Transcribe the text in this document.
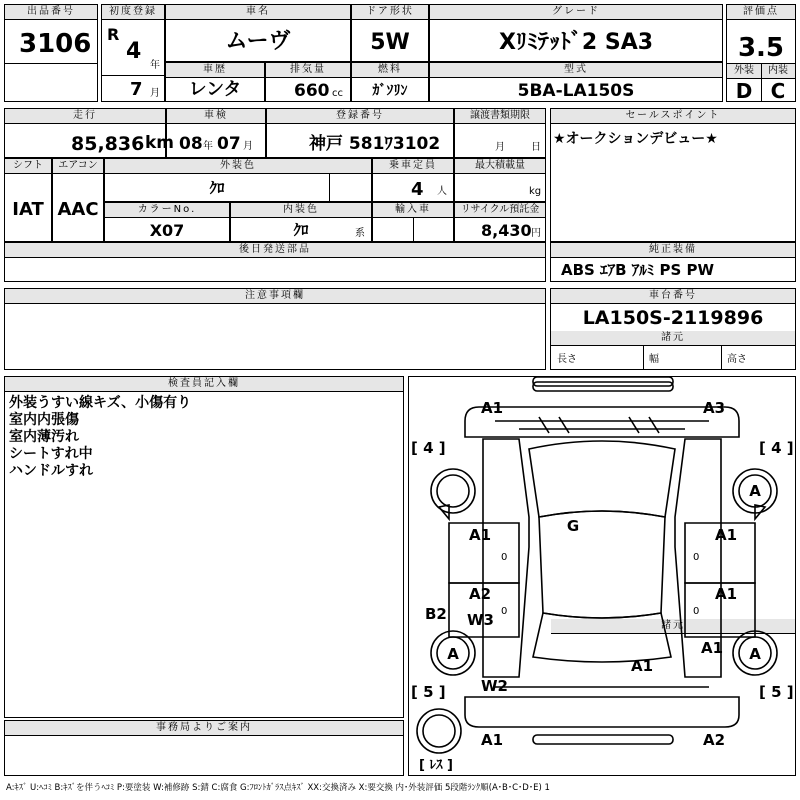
出品番号
3106
初度登録
R
4
年
7 月
車名
ムーヴ
ドア形状
5W
グレード
Xﾘﾐﾃｯﾄﾞ2 SA3
評価点
3.5
外装	内装
D C
車歴
レンタ
排気量
660 cc
燃料
ｶﾞｿﾘﾝ
型式
5BA-LA150S
走行
85,836 km
車検
08 年 07 月
登録番号
神戸 581ﾜ3102
譲渡書類期限
月	日
セールスポイント
★オークションデビュー★
シフト
IAT
エアコン
AAC
外装色
ｸﾛ
乗車定員
4 人
最大積載量
kg
カラーNo.
X07
内装色
ｸﾛ	系
輸入車	リサイクル預託金
8,430 円
後日発送部品	純正装備
ABS ｴｱB ｱﾙﾐ PS PW
注意事項欄	車台番号
LA150S-2119896
諸元
諸元
長さ	幅	高さ
検査員記入欄
外装うすい線キズ、小傷有り
室内内張傷
室内薄汚れ
シートすれ中
ハンドルすれ
事務局よりご案内
A1	A3
[ 4 ]	[ 4 ]
A
G
A1
0
A1
0
A2
W3 0
A1
0
B2
A	A1 A
A1
W2
[ 5 ]	[ 5 ]
A1	A2
[ ﾚｽ ]
A:ｷｽﾞ U:ﾍｺﾐ B:ｷｽﾞを伴うﾍｺﾐ P:要塗装 W:補修跡 S:錆 C:腐食 G:ﾌﾛﾝﾄｶﾞﾗｽ点ｷｽﾞ XX:交換済み X:要交換 内･外装評価 5段階ﾗﾝｸ順(A･B･C･D･E) 1
